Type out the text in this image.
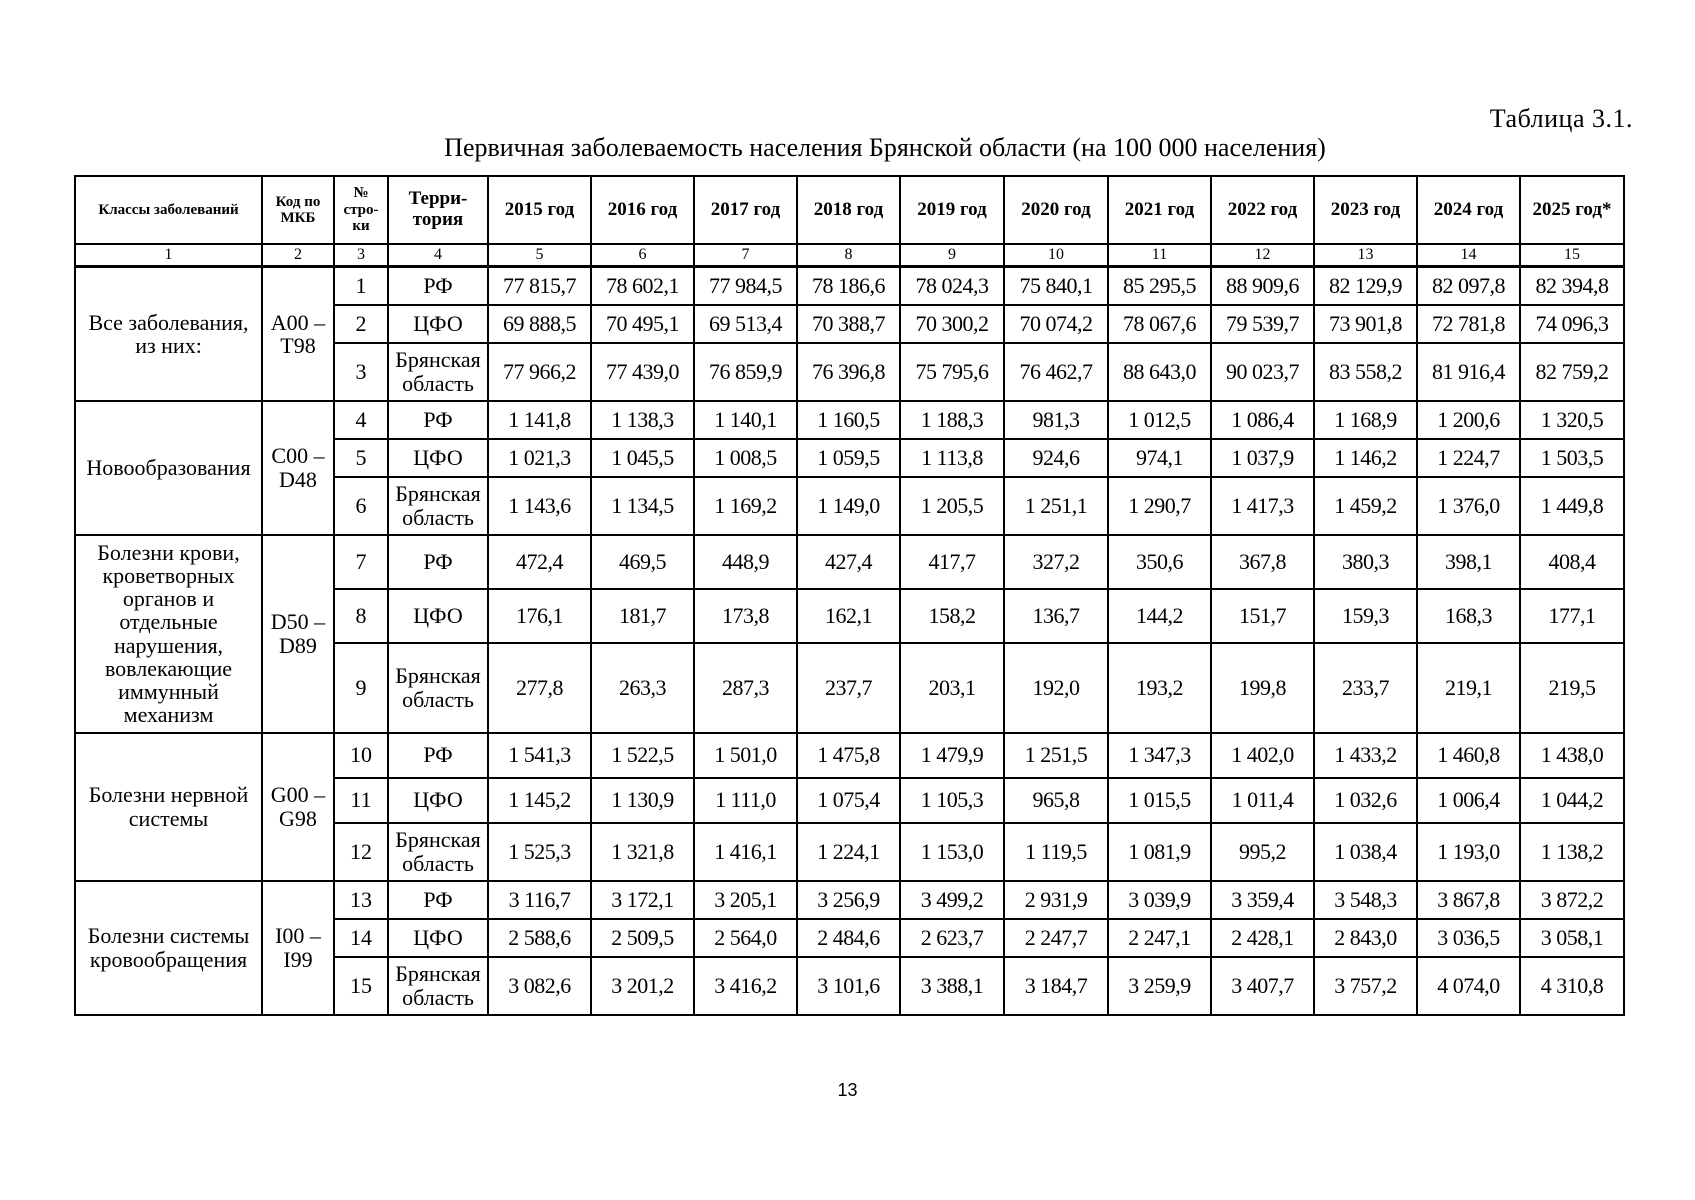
Таблица 3.1.
Первичная заболеваемость населения Брянской области (на 100 000 населения)
Классы заболеваний	Код по МКБ	№ стро-ки	Терри-тория	2015 год	2016 год	2017 год	2018 год	2019 год	2020 год	2021 год	2022 год	2023 год	2024 год	2025 год*
1	2	3	4	5	6	7	8	9	10	11	12	13	14	15
Все заболевания, из них:	А00 – Т98	1	РФ	77 815,7	78 602,1	77 984,5	78 186,6	78 024,3	75 840,1	85 295,5	88 909,6	82 129,9	82 097,8	82 394,8
		2	ЦФО	69 888,5	70 495,1	69 513,4	70 388,7	70 300,2	70 074,2	78 067,6	79 539,7	73 901,8	72 781,8	74 096,3
		3	Брянская область	77 966,2	77 439,0	76 859,9	76 396,8	75 795,6	76 462,7	88 643,0	90 023,7	83 558,2	81 916,4	82 759,2
Новообразования	С00 – D48	4	РФ	1 141,8	1 138,3	1 140,1	1 160,5	1 188,3	981,3	1 012,5	1 086,4	1 168,9	1 200,6	1 320,5
		5	ЦФО	1 021,3	1 045,5	1 008,5	1 059,5	1 113,8	924,6	974,1	1 037,9	1 146,2	1 224,7	1 503,5
		6	Брянская область	1 143,6	1 134,5	1 169,2	1 149,0	1 205,5	1 251,1	1 290,7	1 417,3	1 459,2	1 376,0	1 449,8
Болезни крови, кроветворных органов и отдельные нарушения, вовлекающие иммунный механизм	D50 – D89	7	РФ	472,4	469,5	448,9	427,4	417,7	327,2	350,6	367,8	380,3	398,1	408,4
		8	ЦФО	176,1	181,7	173,8	162,1	158,2	136,7	144,2	151,7	159,3	168,3	177,1
		9	Брянская область	277,8	263,3	287,3	237,7	203,1	192,0	193,2	199,8	233,7	219,1	219,5
Болезни нервной системы	G00 – G98	10	РФ	1 541,3	1 522,5	1 501,0	1 475,8	1 479,9	1 251,5	1 347,3	1 402,0	1 433,2	1 460,8	1 438,0
		11	ЦФО	1 145,2	1 130,9	1 111,0	1 075,4	1 105,3	965,8	1 015,5	1 011,4	1 032,6	1 006,4	1 044,2
		12	Брянская область	1 525,3	1 321,8	1 416,1	1 224,1	1 153,0	1 119,5	1 081,9	995,2	1 038,4	1 193,0	1 138,2
Болезни системы кровообращения	I00 – I99	13	РФ	3 116,7	3 172,1	3 205,1	3 256,9	3 499,2	2 931,9	3 039,9	3 359,4	3 548,3	3 867,8	3 872,2
		14	ЦФО	2 588,6	2 509,5	2 564,0	2 484,6	2 623,7	2 247,7	2 247,1	2 428,1	2 843,0	3 036,5	3 058,1
		15	Брянская область	3 082,6	3 201,2	3 416,2	3 101,6	3 388,1	3 184,7	3 259,9	3 407,7	3 757,2	4 074,0	4 310,8
13
